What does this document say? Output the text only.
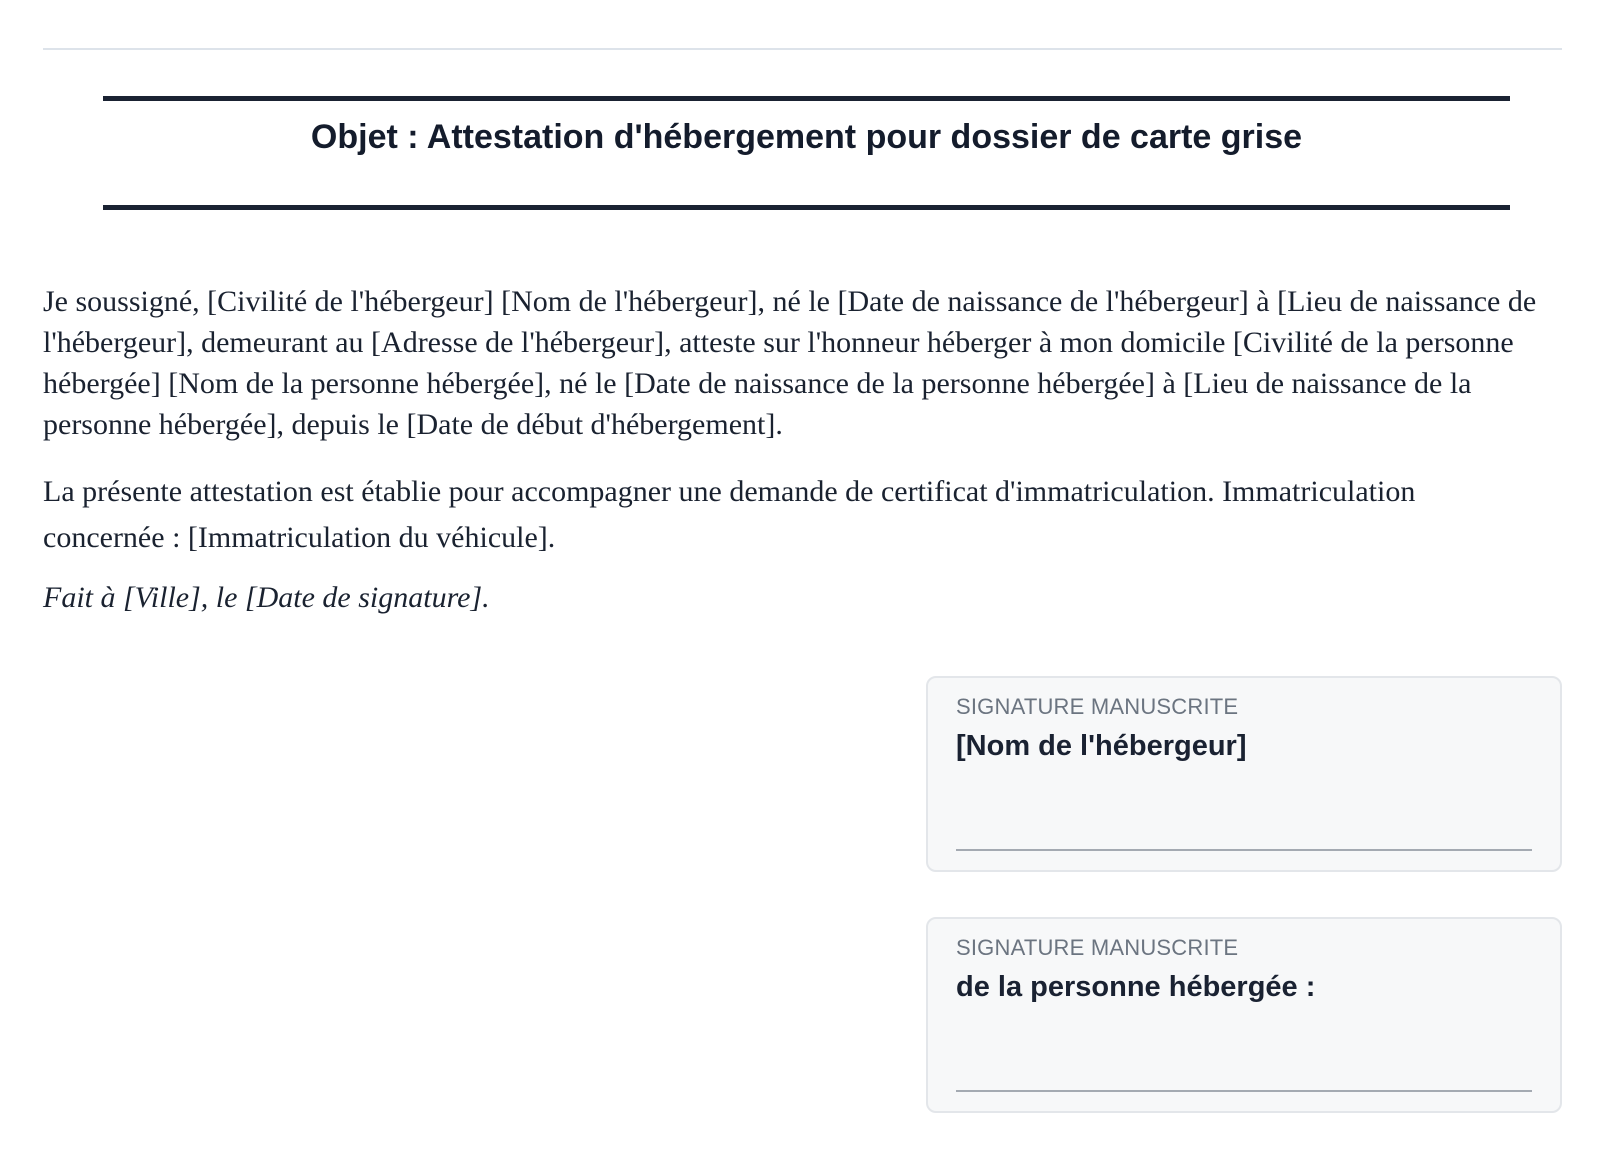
Objet : Attestation d'hébergement pour dossier de carte grise

Je soussigné, [Civilité de l'hébergeur] [Nom de l'hébergeur], né le [Date de naissance de l'hébergeur] à [Lieu de naissance de l'hébergeur], demeurant au [Adresse de l'hébergeur], atteste sur l'honneur héberger à mon domicile [Civilité de la personne hébergée] [Nom de la personne hébergée], né le [Date de naissance de la personne hébergée] à [Lieu de naissance de la personne hébergée], depuis le [Date de début d'hébergement].

La présente attestation est établie pour accompagner une demande de certificat d'immatriculation. Immatriculation concernée : [Immatriculation du véhicule].

Fait à [Ville], le [Date de signature].

SIGNATURE MANUSCRITE
[Nom de l'hébergeur]
SIGNATURE MANUSCRITE
de la personne hébergée :
